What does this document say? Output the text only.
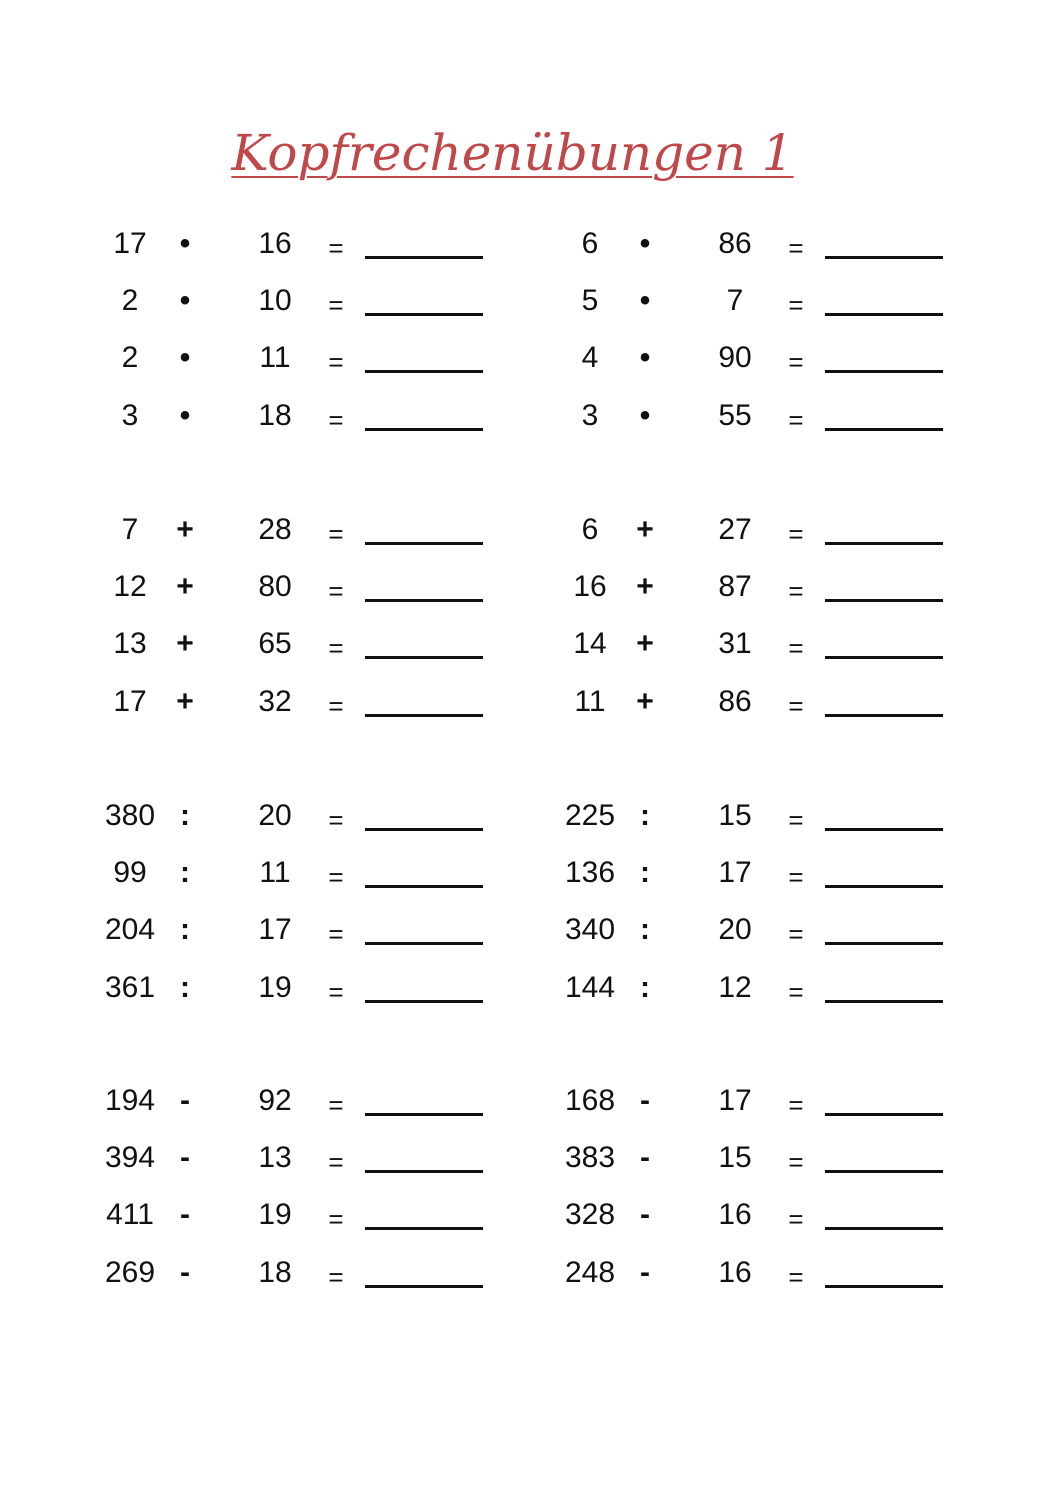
Kopfrechenübungen 1
17	•	16	=
2	•	10	=
2	•	11	=
3	•	18	=
6	•	86	=
5	•	7	=
4	•	90	=
3	•	55	=
7	+	28	=
12 +	80	=
13 +	65	=
17 +	32	=
6	+	27	=
16 +	87	=
14 +	31	=
11	+	86	=
380 :	20	=
99	:	11	=
204 :	17	=
361 :	19	=
225 :	15	=
136 :	17	=
340 :	20	=
144 :	12	=
194 -	92	=
394 -	13	=
411 -	19	=
269 -	18	=
168 -	17	=
383 -	15	=
328 -	16	=
248 -	16	=
